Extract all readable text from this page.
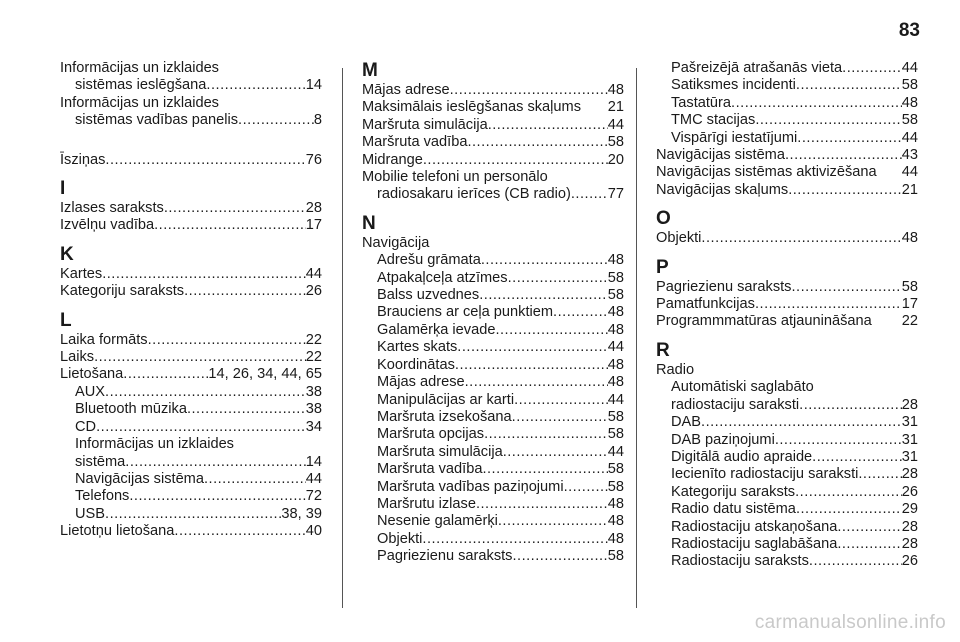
83
Informācijas un izklaides
sistēmas ieslēgšana .....	14
Informācijas un izklaides
sistēmas vadības panelis .....	8
Īsziņas .....	76
I
Izlases saraksts .....	28
Izvēlņu vadība .....	17
K
Kartes .....	44
Kategoriju saraksts .....	26
L
Laika formāts .....	22
Laiks .....	22
Lietošana .....	14, 26, 34, 44, 65
AUX .....	38
Bluetooth mūzika .....	38
CD .....	34
Informācijas un izklaides
sistēma .....	14
Navigācijas sistēma .....	44
Telefons .....	72
USB .....	38, 39
Lietotņu lietošana .....	40
M
Mājas adrese .....	48
Maksimālais ieslēgšanas skaļums	21
Maršruta simulācija .....	44
Maršruta vadība .....	58
Midrange .....	20
Mobilie telefoni un personālo
radiosakaru ierīces (CB radio) .....	77
N
Navigācija
Adrešu grāmata .....	48
Atpakaļceļa atzīmes .....	58
Balss uzvednes .....	58
Brauciens ar ceļa punktiem .....	48
Galamērķa ievade .....	48
Kartes skats .....	44
Koordinātas .....	48
Mājas adrese .....	48
Manipulācijas ar karti .....	44
Maršruta izsekošana .....	58
Maršruta opcijas .....	58
Maršruta simulācija .....	44
Maršruta vadība .....	58
Maršruta vadības paziņojumi .....	58
Maršrutu izlase .....	48
Nesenie galamērķi .....	48
Objekti .....	48
Pagriezienu saraksts .....	58
Pašreizējā atrašanās vieta .....	44
Satiksmes incidenti .....	58
Tastatūra .....	48
TMC stacijas .....	58
Vispārīgi iestatījumi .....	44
Navigācijas sistēma .....	43
Navigācijas sistēmas aktivizēšana	44
Navigācijas skaļums .....	21
O
Objekti .....	48
P
Pagriezienu saraksts .....	58
Pamatfunkcijas .....	17
Programmmatūras atjaunināšana	22
R
Radio
Automātiski saglabāto
radiostaciju saraksti .....	28
DAB .....	31
DAB paziņojumi .....	31
Digitālā audio apraide .....	31
Iecienīto radiostaciju saraksti .....	28
Kategoriju saraksts .....	26
Radio datu sistēma .....	29
Radiostaciju atskaņošana .....	28
Radiostaciju saglabāšana .....	28
Radiostaciju saraksts .....	26
carmanualsonline.info
